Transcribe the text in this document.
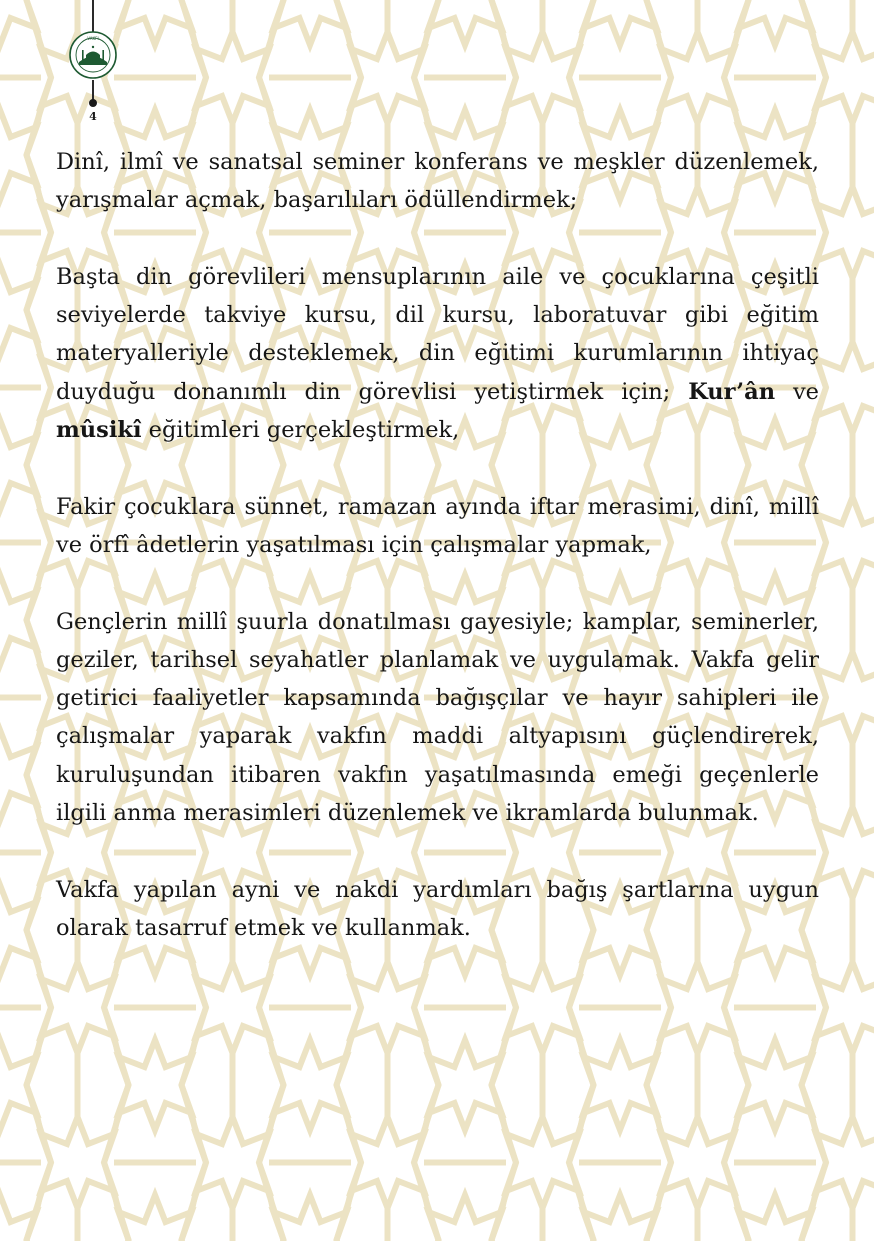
VAKFI
4

Dinî, ilmî ve sanatsal seminer konferans ve meşkler düzenlemek, yarışmalar açmak, başarılıları ödüllendirmek;

Başta din görevlileri mensuplarının aile ve çocuklarına çeşitli seviyelerde takviye kursu, dil kursu, laboratuvar gibi eğitim materyalleriyle desteklemek, din eğitimi kurumlarının ihtiyaç duyduğu donanımlı din görevlisi yetiştirmek için; Kur’ân ve mûsikî eğitimleri gerçekleştirmek,

Fakir çocuklara sünnet, ramazan ayında iftar merasimi, dinî, millî ve örfî âdetlerin yaşatılması için çalışmalar yapmak,

Gençlerin millî şuurla donatılması gayesiyle; kamplar, seminerler, geziler, tarihsel seyahatler planlamak ve uygulamak. Vakfa gelir getirici faaliyetler kapsamında bağışçılar ve hayır sahipleri ile çalışmalar yaparak vakfın maddi altyapısını güçlendirerek, kuruluşundan itibaren vakfın yaşatılmasında emeği geçenlerle ilgili anma merasimleri düzenlemek ve ikramlarda bulunmak.

Vakfa yapılan ayni ve nakdi yardımları bağış şartlarına uygun olarak tasarruf etmek ve kullanmak.
